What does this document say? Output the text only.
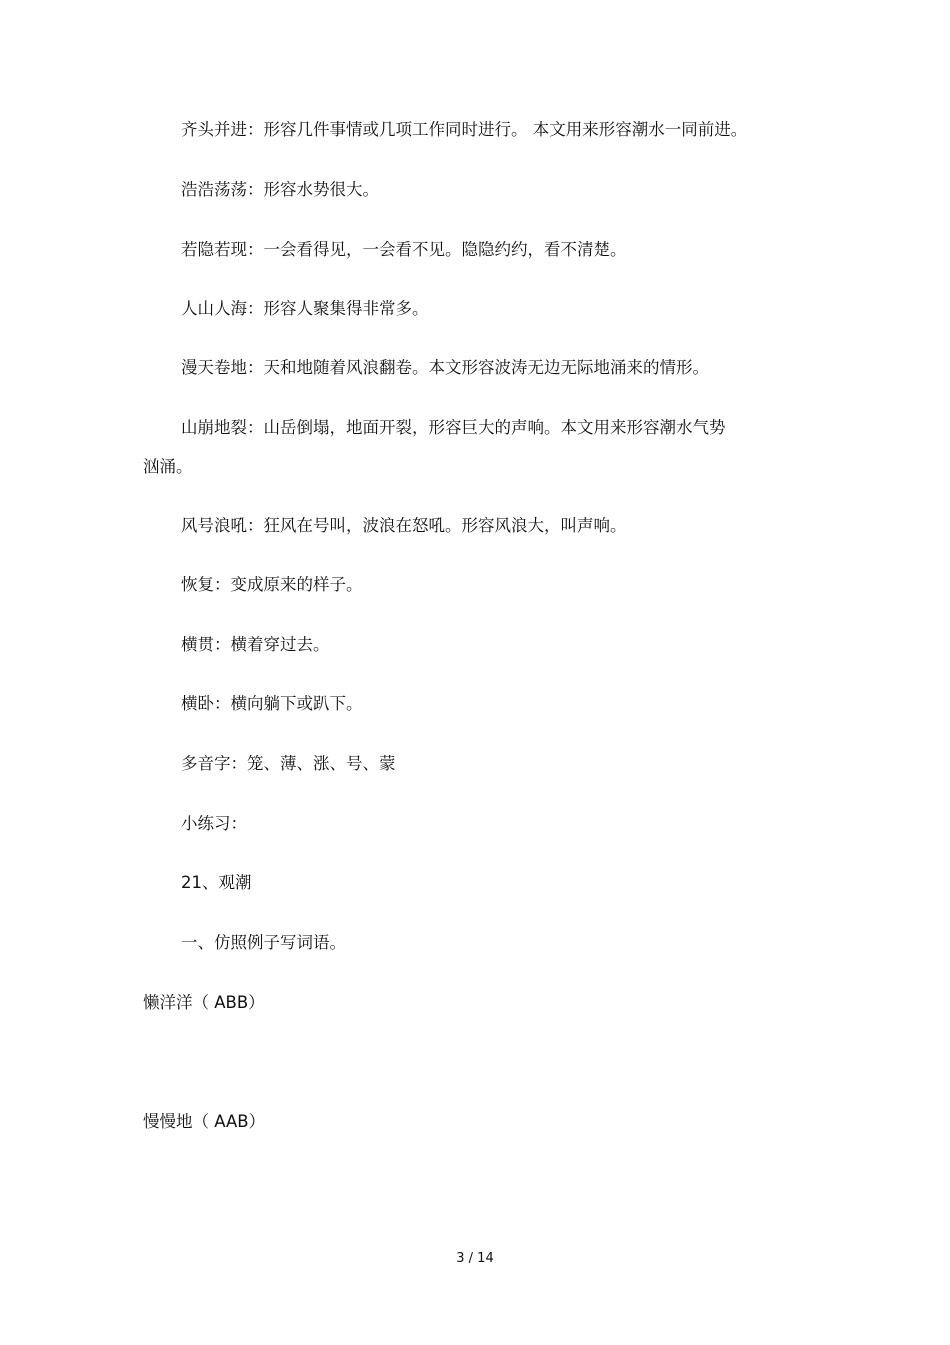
齐头并进：形容几件事情或几项工作同时进行。 本文用来形容潮水一同前进。

浩浩荡荡：形容水势很大。

若隐若现：一会看得见，一会看不见。隐隐约约，看不清楚。

人山人海：形容人聚集得非常多。

漫天卷地：天和地随着风浪翻卷。本文形容波涛无边无际地涌来的情形。

山崩地裂：山岳倒塌，地面开裂，形容巨大的声响。本文用来形容潮水气势

汹涌。

风号浪吼：狂风在号叫，波浪在怒吼。形容风浪大，叫声响。

恢复：变成原来的样子。

横贯：横着穿过去。

横卧：横向躺下或趴下。

多音字：笼、薄、涨、号、蒙

小练习：

21、观潮

一、仿照例子写词语。

懒洋洋（ ABB）

慢慢地（ AAB）

3 / 14
